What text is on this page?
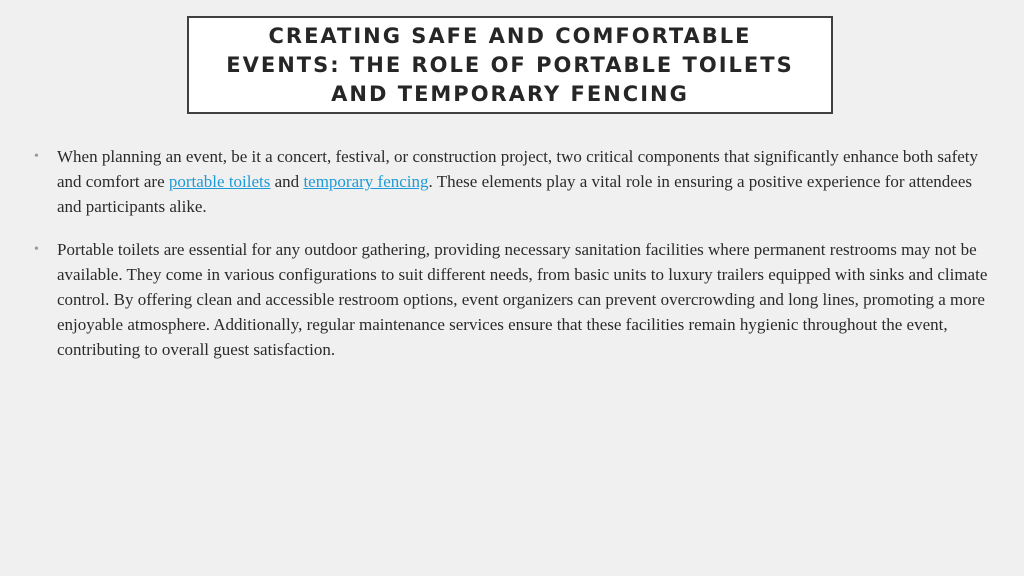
CREATING SAFE AND COMFORTABLE
EVENTS: THE ROLE OF PORTABLE TOILETS
AND TEMPORARY FENCING
• When planning an event, be it a concert, festival, or construction project, two critical components that significantly enhance both safety and comfort are portable toilets and temporary fencing. These elements play a vital role in ensuring a positive experience for attendees and participants alike.
• Portable toilets are essential for any outdoor gathering, providing necessary sanitation facilities where permanent restrooms may not be available. They come in various configurations to suit different needs, from basic units to luxury trailers equipped with sinks and climate control. By offering clean and accessible restroom options, event organizers can prevent overcrowding and long lines, promoting a more enjoyable atmosphere. Additionally, regular maintenance services ensure that these facilities remain hygienic throughout the event, contributing to overall guest satisfaction.
